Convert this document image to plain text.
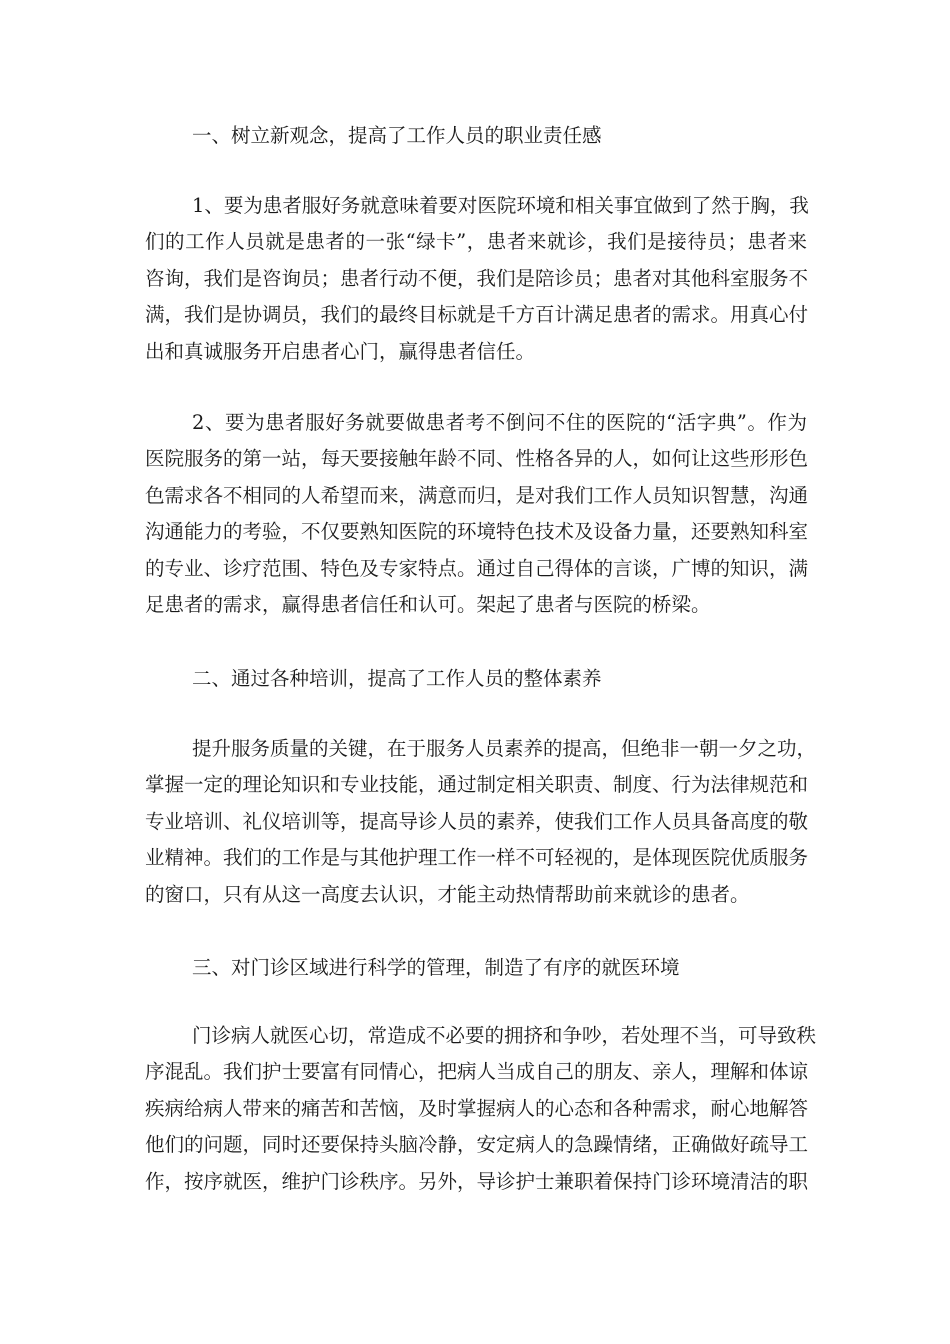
一、树立新观念，提高了工作人员的职业责任感

1、要为患者服好务就意味着要对医院环境和相关事宜做到了然于胸，我
们的工作人员就是患者的一张“绿卡”，患者来就诊，我们是接待员；患者来
咨询，我们是咨询员；患者行动不便，我们是陪诊员；患者对其他科室服务不
满，我们是协调员，我们的最终目标就是千方百计满足患者的需求。用真心付
出和真诚服务开启患者心门，赢得患者信任。
2、要为患者服好务就要做患者考不倒问不住的医院的“活字典”。作为
医院服务的第一站，每天要接触年龄不同、性格各异的人，如何让这些形形色
色需求各不相同的人希望而来，满意而归，是对我们工作人员知识智慧，沟通
沟通能力的考验，不仅要熟知医院的环境特色技术及设备力量，还要熟知科室
的专业、诊疗范围、特色及专家特点。通过自己得体的言谈，广博的知识，满
足患者的需求，赢得患者信任和认可。架起了患者与医院的桥梁。

二、通过各种培训，提高了工作人员的整体素养

提升服务质量的关键，在于服务人员素养的提高，但绝非一朝一夕之功，
掌握一定的理论知识和专业技能，通过制定相关职责、制度、行为法律规范和
专业培训、礼仪培训等，提高导诊人员的素养，使我们工作人员具备高度的敬
业精神。我们的工作是与其他护理工作一样不可轻视的，是体现医院优质服务
的窗口，只有从这一高度去认识，才能主动热情帮助前来就诊的患者。

三、对门诊区域进行科学的管理，制造了有序的就医环境

门诊病人就医心切，常造成不必要的拥挤和争吵，若处理不当，可导致秩
序混乱。我们护士要富有同情心，把病人当成自己的朋友、亲人，理解和体谅
疾病给病人带来的痛苦和苦恼，及时掌握病人的心态和各种需求，耐心地解答
他们的问题，同时还要保持头脑冷静，安定病人的急躁情绪，正确做好疏导工
作，按序就医，维护门诊秩序。另外，导诊护士兼职着保持门诊环境清洁的职
